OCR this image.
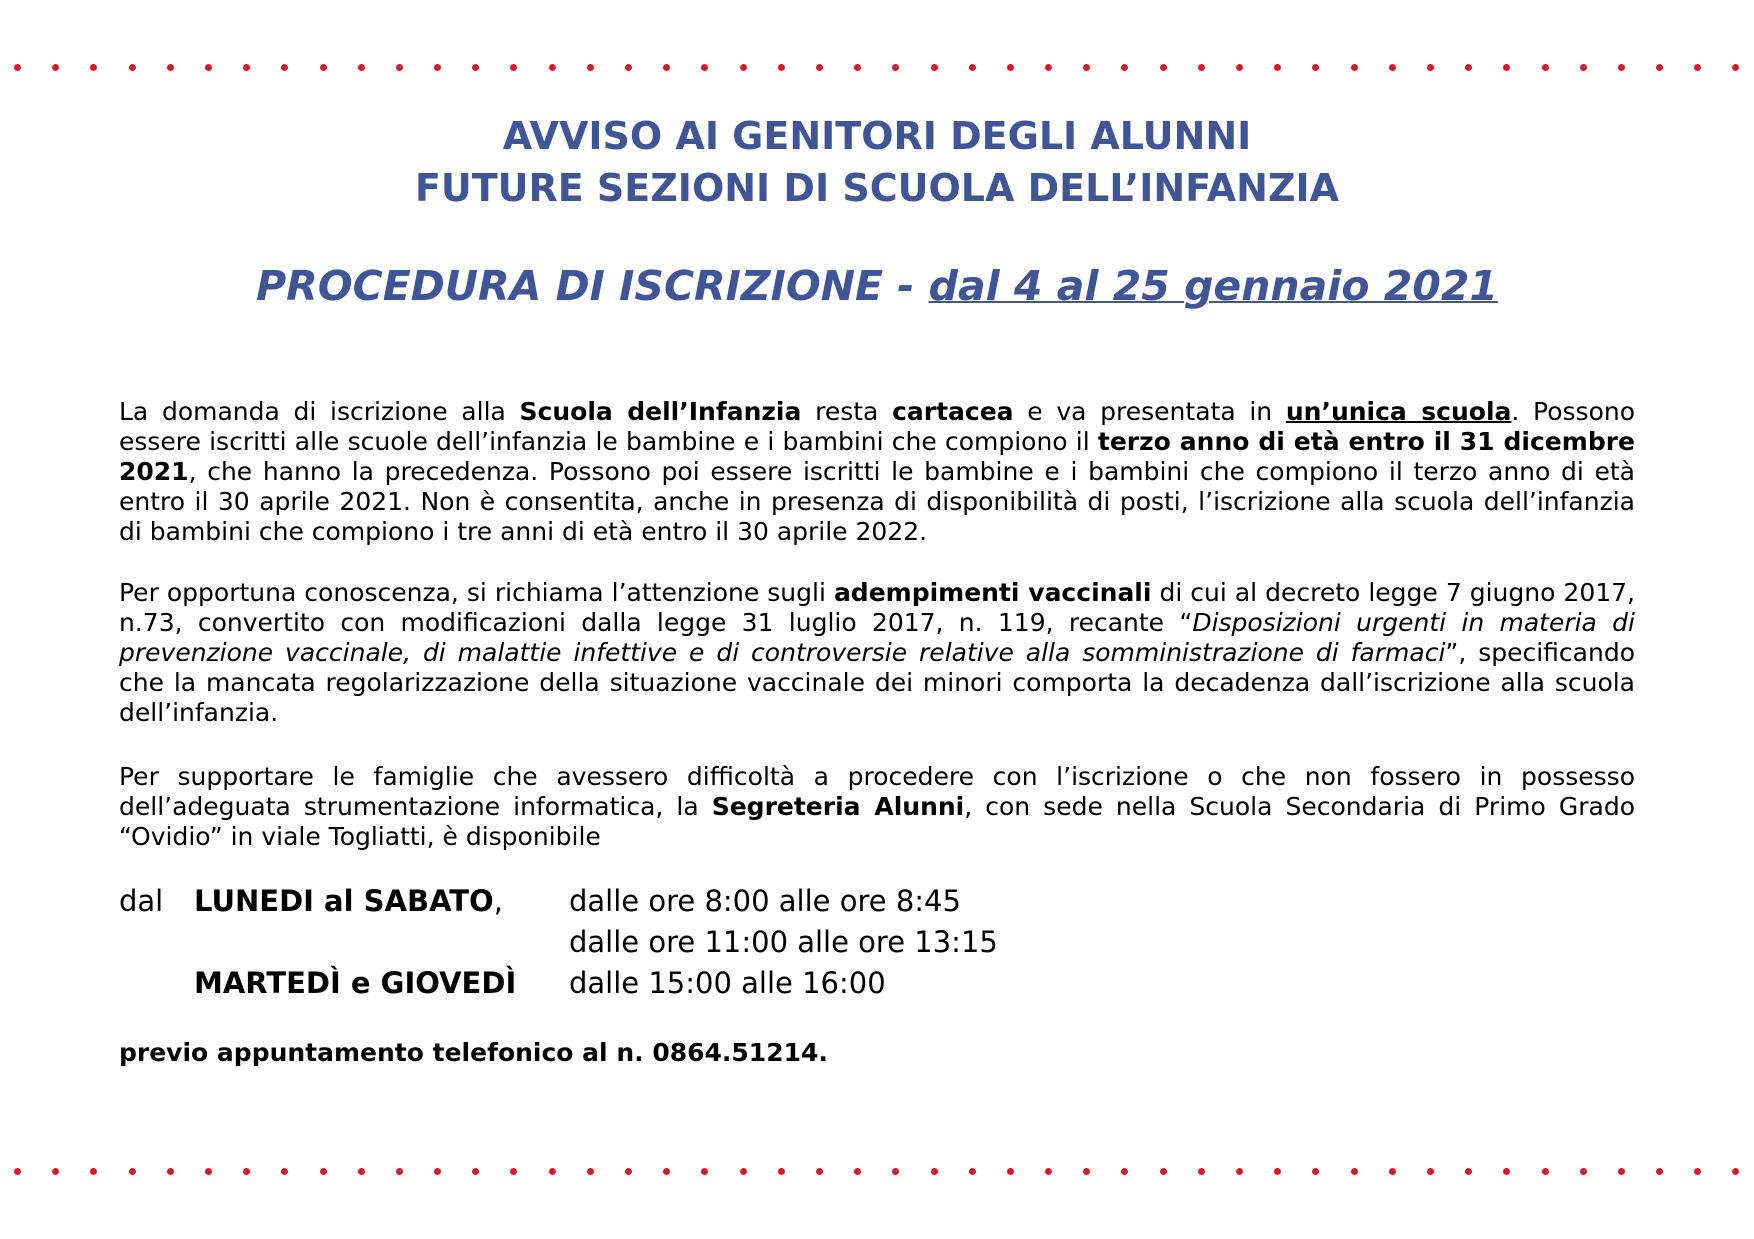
AVVISO AI GENITORI DEGLI ALUNNI
FUTURE SEZIONI DI SCUOLA DELL’INFANZIA
PROCEDURA DI ISCRIZIONE - dal 4 al 25 gennaio 2021

La domanda di iscrizione alla Scuola dell’Infanzia resta cartacea e va presentata in un’unica scuola. Possono essere iscritti alle scuole dell’infanzia le bambine e i bambini che compiono il terzo anno di età entro il 31 dicembre 2021, che hanno la precedenza. Possono poi essere iscritti le bambine e i bambini che compiono il terzo anno di età entro il 30 aprile 2021. Non è consentita, anche in presenza di disponibilità di posti, l’iscrizione alla scuola dell’infanzia di bambini che compiono i tre anni di età entro il 30 aprile 2022.

Per opportuna conoscenza, si richiama l’attenzione sugli adempimenti vaccinali di cui al decreto legge 7 giugno 2017, n.73, convertito con modificazioni dalla legge 31 luglio 2017, n. 119, recante “Disposizioni urgenti in materia di prevenzione vaccinale, di malattie infettive e di controversie relative alla somministrazione di farmaci”, specificando che la mancata regolarizzazione della situazione vaccinale dei minori comporta la decadenza dall’iscrizione alla scuola dell’infanzia.

Per supportare le famiglie che avessero difficoltà a procedere con l’iscrizione o che non fossero in possesso dell’adeguata strumentazione informatica, la Segreteria Alunni, con sede nella Scuola Secondaria di Primo Grado “Ovidio” in viale Togliatti, è disponibile

dal LUNEDI al SABATO, dalle ore 8:00 alle ore 8:45
dalle ore 11:00 alle ore 13:15
MARTEDÌ e GIOVEDÌ dalle 15:00 alle 16:00
previo appuntamento telefonico al n. 0864.51214.
